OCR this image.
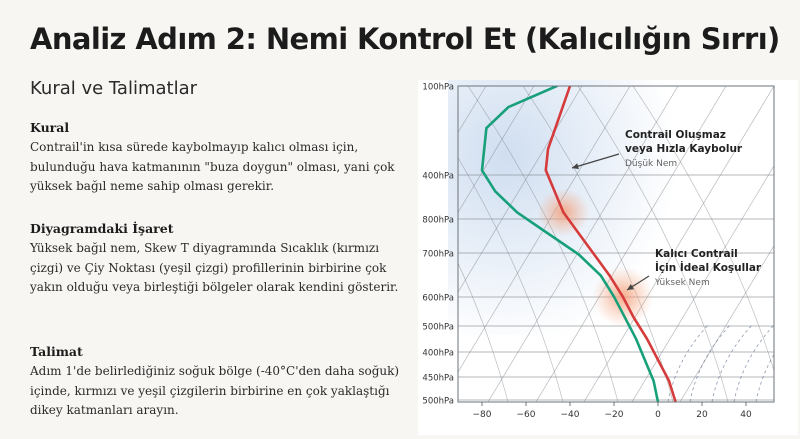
Analiz Adım 2: Nemi Kontrol Et (Kalıcılığın Sırrı)
Kural ve Talimatlar
Kural

Contrail'in kısa sürede kaybolmayıp kalıcı olması için, bulunduğu hava katmanının "buza doygun" olması, yani çok yüksek bağıl neme sahip olması gerekir.

Diyagramdaki İşaret

Yüksek bağıl nem, Skew T diyagramında Sıcaklık (kırmızı çizgi) ve Çiy Noktası (yeşil çizgi) profillerinin birbirine çok yakın olduğu veya birleştiği bölgeler olarak kendini gösterir.

Talimat

Adım 1'de belirlediğiniz soğuk bölge (-40°C'den daha soğuk) içinde, kırmızı ve yeşil çizgilerin birbirine en çok yaklaştığı dikey katmanları arayın.

100hPa
400hPa
800hPa
700hPa
600hPa
500hPa
400hPa
450hPa
500hPa
−80	−60	−40	−20	0	20	40
Contrail Oluşmaz
veya Hızla Kaybolur
Düşük Nem
Kalıcı Contrail
İçin İdeal Koşullar
Yüksek Nem
